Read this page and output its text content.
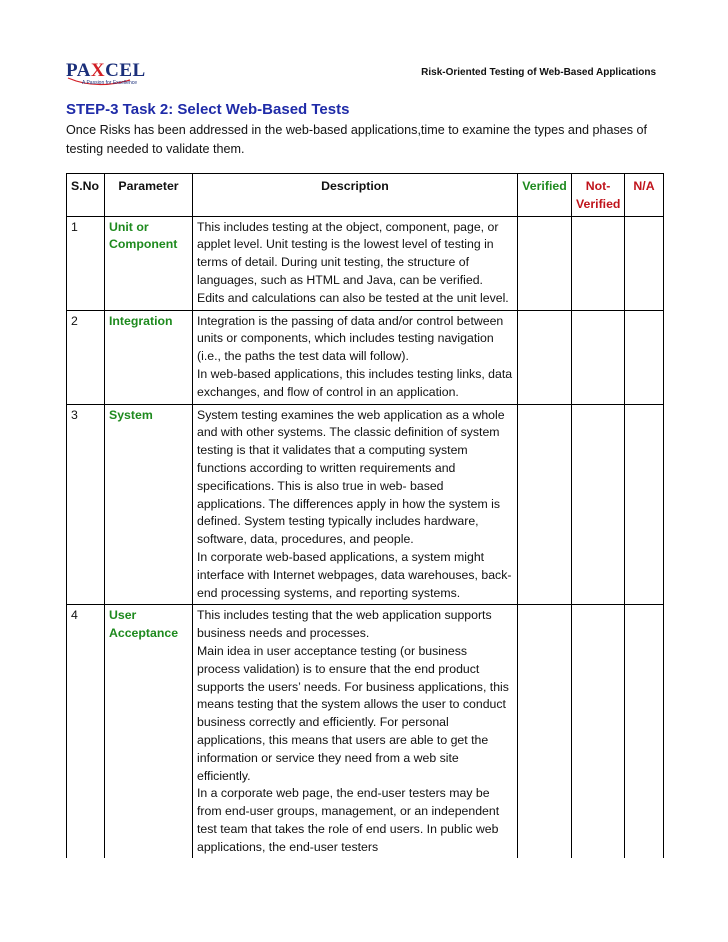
PAXCEL
A Passion for Excellence
Risk-Oriented Testing of Web-Based Applications
STEP-3 Task 2: Select Web-Based Tests
Once Risks has been addressed in the web-based applications,time to examine the types and phases of testing needed to validate them.
S.No	Parameter	Description	Verified	Not-Verified	N/A
1	Unit or Component	This includes testing at the object, component, page, or applet level. Unit testing is the lowest level of testing in terms of detail. During unit testing, the structure of languages, such as HTML and Java, can be verified. Edits and calculations can also be tested at the unit level.			

2	Integration	Integration is the passing of data and/or control between units or components, which includes testing navigation (i.e., the paths the test data will follow).

In web-based applications, this includes testing links, data exchanges, and flow of control in an application.			

3	System	System testing examines the web application as a whole and with other systems. The classic definition of system testing is that it validates that a computing system functions according to written requirements and specifications. This is also true in web- based applications. The differences apply in how the system is defined. System testing typically includes hardware, software, data, procedures, and people.

In corporate web-based applications, a system might interface with Internet webpages, data warehouses, back-end processing systems, and reporting systems.			

4	User Acceptance	This includes testing that the web application supports business needs and processes.

Main idea in user acceptance testing (or business process validation) is to ensure that the end product supports the users’ needs. For business applications, this means testing that the system allows the user to conduct business correctly and efficiently. For personal applications, this means that users are able to get the information or service they need from a web site efficiently.

In a corporate web page, the end-user testers may be from end-user groups, management, or an independent test team that takes the role of end users. In public web applications, the end-user testers			
